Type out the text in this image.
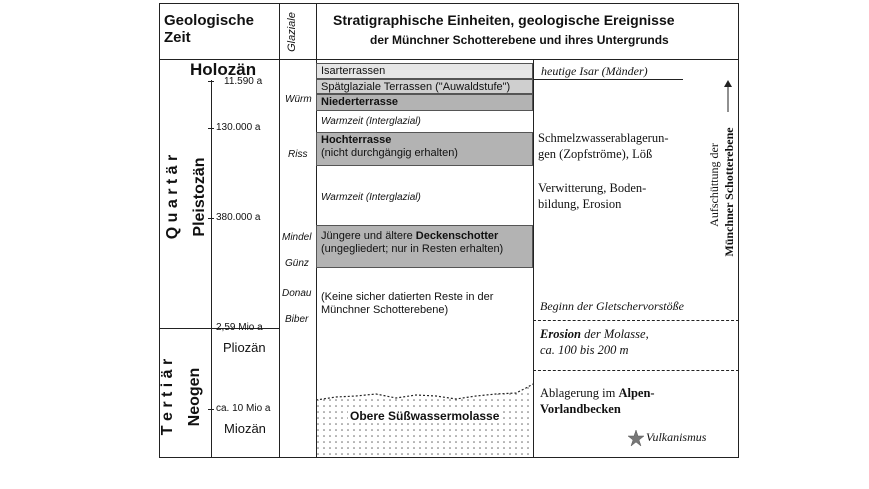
Geologische Zeit	Glaziale	Stratigraphische Einheiten, geologische Ereignisse
der Münchner Schotterebene und ihres Untergrunds
Holozän
Q u a r t ä r Pleistozän
T e r t i ä r Neogen
Pliozän
Miozän
11.590 a
130.000 a
380.000 a
2,59 Mio a
ca. 10 Mio a
Würm
Riss
Mindel
Günz
Donau
Biber
Isarterrassen
Spätglaziale Terrassen ("Auwaldstufe")
Niederterrasse
Warmzeit (Interglazial)
Hochterrasse
(nicht durchgängig erhalten)
Warmzeit (Interglazial)
Jüngere und ältere Deckenschotter
(ungegliedert; nur in Resten erhalten)
(Keine sicher datierten Reste in der
Münchner Schotterebene)
Obere Süßwassermolasse
heutige Isar (Mänder)
Schmelzwasserablagerun-
gen (Zopfströme), Löß
Verwitterung, Boden-
bildung, Erosion
Beginn der Gletschervorstöße
Erosion der Molasse,
ca. 100 bis 200 m
Ablagerung im Alpen-
Vorlandbecken
Vulkanismus
Aufschüttung der Münchner Schotterebene
